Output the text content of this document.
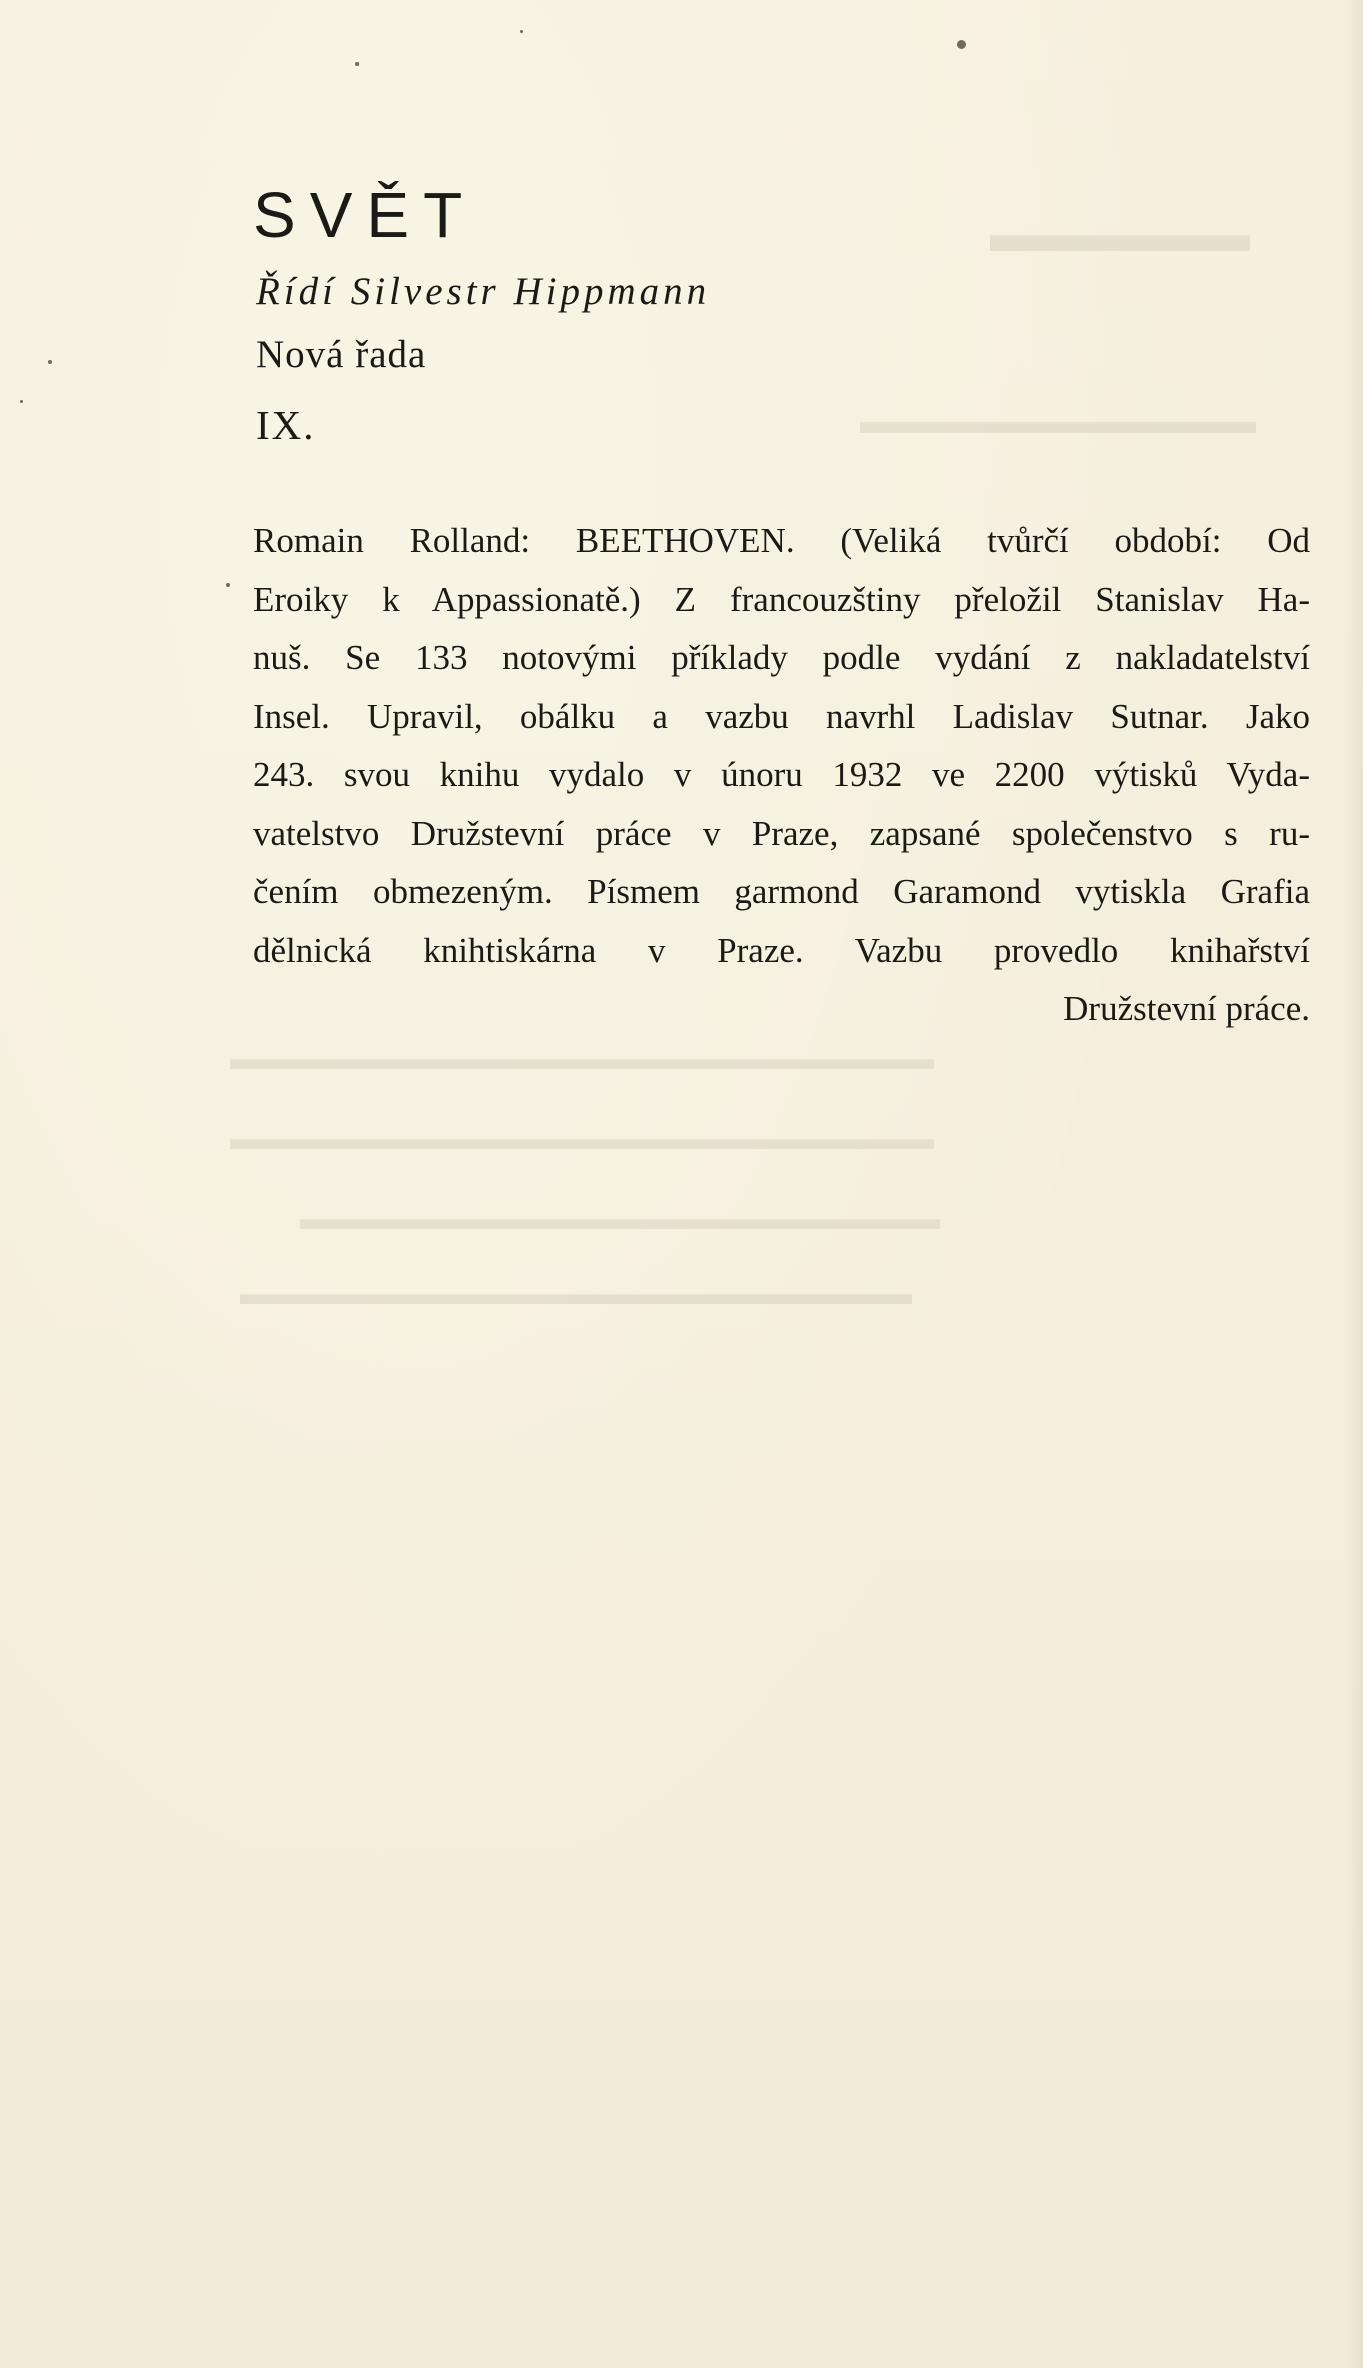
▬▬▬▬▬
▬▬▬▬▬▬▬▬▬▬▬
▬▬▬▬▬▬▬▬▬▬▬▬▬▬▬▬▬▬▬▬▬▬
▬▬▬▬▬▬▬▬▬▬▬▬▬▬▬▬▬▬▬▬▬▬
▬▬▬▬▬▬▬▬▬▬▬▬▬▬▬▬▬▬▬▬
▬▬▬▬▬▬▬▬▬▬▬▬▬▬▬▬▬▬▬▬▬
SVĚT

Řídí Silvestr Hippmann

Nová řada

IX.

Romain Rolland: BEETHOVEN. (Veliká tvůrčí období: Od
Eroiky k Appassionatě.) Z francouzštiny přeložil Stanislav Ha-
nuš. Se 133 notovými příklady podle vydání z nakladatelství
Insel. Upravil, obálku a vazbu navrhl Ladislav Sutnar. Jako
243. svou knihu vydalo v únoru 1932 ve 2200 výtisků Vyda-
vatelstvo Družstevní práce v Praze, zapsané společenstvo s ru-
čením obmezeným. Písmem garmond Garamond vytiskla Grafia
dělnická knihtiskárna v Praze. Vazbu provedlo knihařství
Družstevní práce.
